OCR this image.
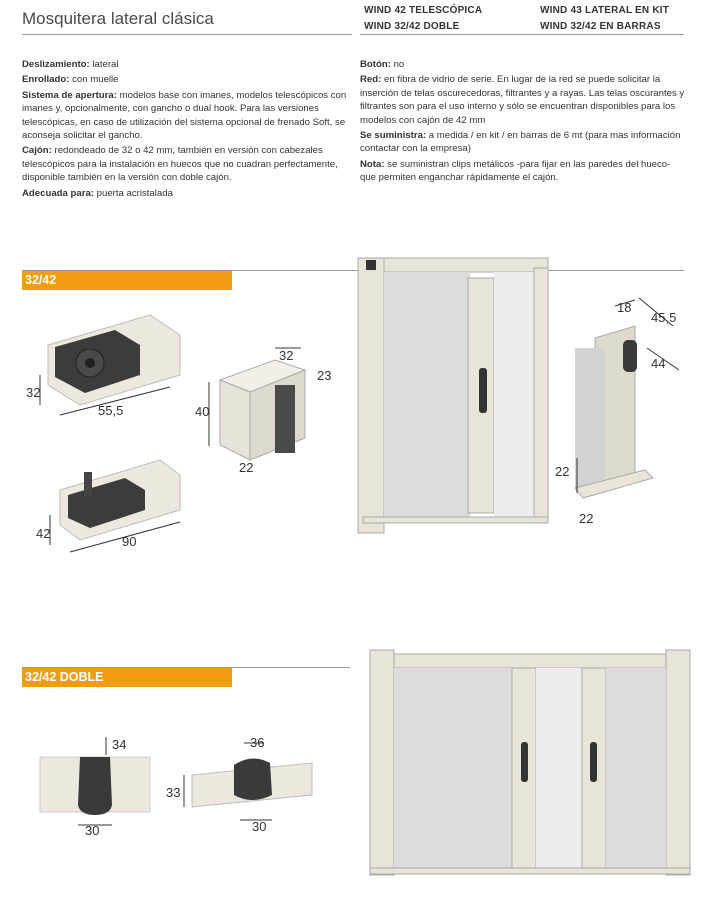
Mosquitera lateral clásica	WIND 42 TELESCÓPICA
WIND 32/42 DOBLE
WIND 43 LATERAL EN KIT
WIND 32/42 EN BARRAS

Deslizamiento: lateral

Enrollado: con muelle

Sistema de apertura: modelos base con imanes, modelos telescópicos con imanes y, opcionalmente, con gancho o dual hook. Para las versiones telescópicas, en caso de utilización del sistema opcional de frenado Soft, se aconseja solicitar el gancho.

Cajón: redondeado de 32 o 42 mm, también en versión con cabezales telescópicos para la instalación en huecos que no cuadran perfectamente, disponible también en la versión con doble cajón.

Adecuada para: puerta acristalada

Botón: no

Red: en fibra de vidrio de serie. En lugar de la red se puede solicitar la inserción de telas oscurecedoras, filtrantes y a rayas. Las telas oscurantes y filtrantes son para el uso interno y sólo se encuentran disponibles para los modelos con cajón de 42 mm

Se suministra: a medida / en kit / en barras de 6 mt (para mas información contactar con la empresa)

Nota: se suministran clips metálicos -para fijar en las paredes del hueco- que permiten enganchar rápidamente el cajón.

32/42
32
55,5
42
90
40
32
23
22
18
45,5
44
22
22
32/42 DOBLE
34
30
33
36
30
